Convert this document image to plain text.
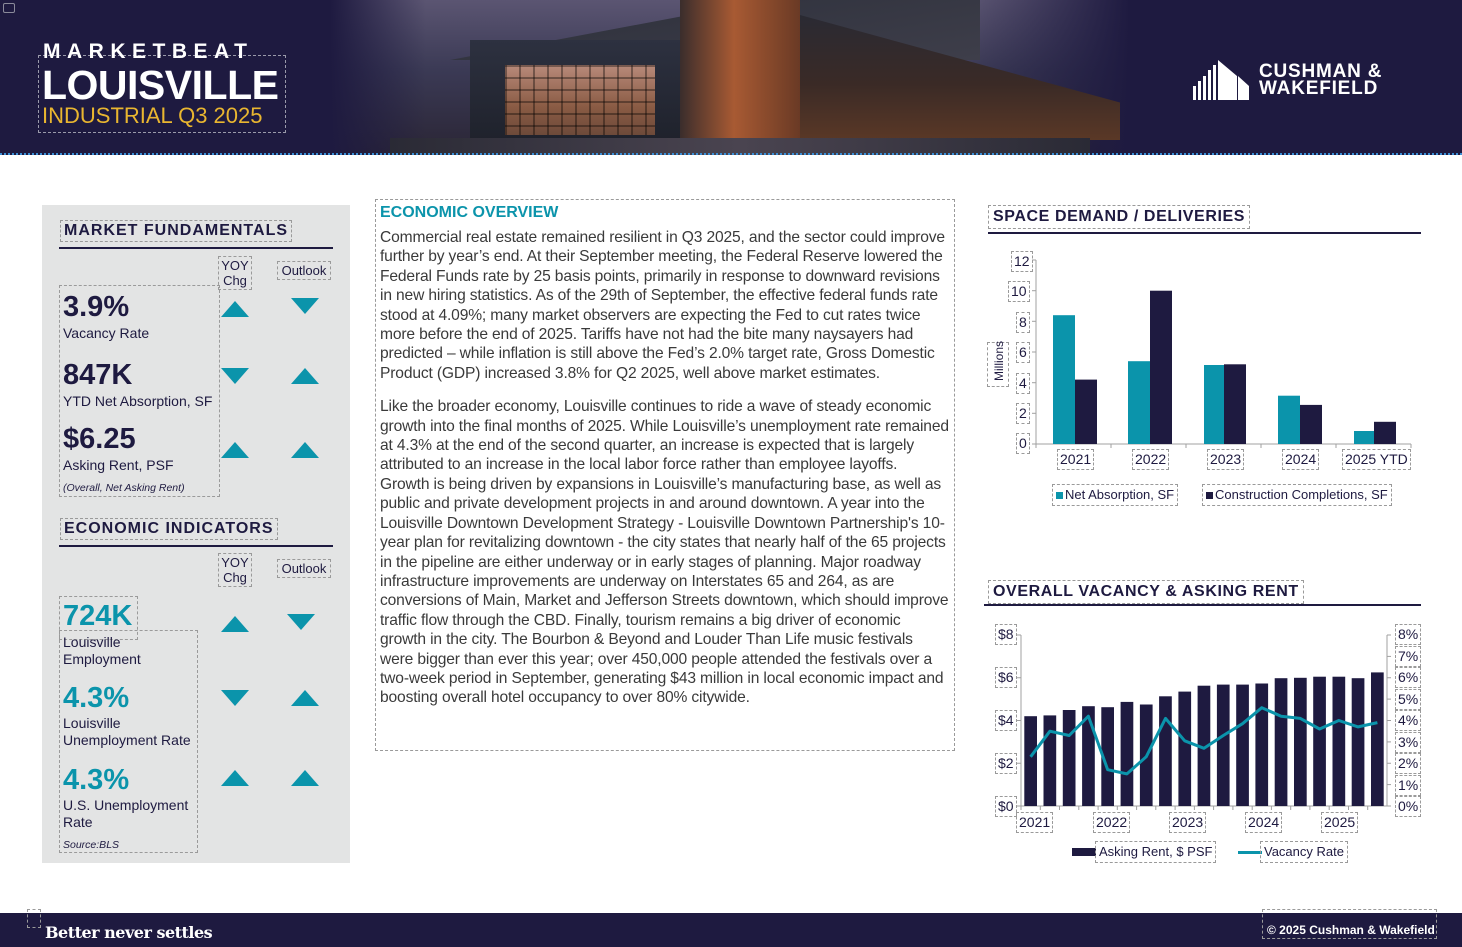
MARKETBEAT
LOUISVILLE
INDUSTRIAL Q3 2025
CUSHMAN &
WAKEFIELD
MARKET FUNDAMENTALS
YOY
Chg
Outlook
3.9%
Vacancy Rate
847K
YTD Net Absorption, SF
$6.25
Asking Rent, PSF
(Overall, Net Asking Rent)
ECONOMIC INDICATORS
YOY
Chg
Outlook
724K
Louisville
Employment
4.3%
Louisville
Unemployment Rate
4.3%
U.S. Unemployment
Rate
Source:BLS
ECONOMIC OVERVIEW

Commercial real estate remained resilient in Q3 2025, and the sector could improve further by year’s end. At their September meeting, the Federal Reserve lowered the Federal Funds rate by 25 basis points, primarily in response to downward revisions in new hiring statistics. As of the 29th of September, the effective federal funds rate stood at 4.09%; many market observers are expecting the Fed to cut rates twice more before the end of 2025. Tariffs have not had the bite many naysayers had predicted – while inflation is still above the Fed’s 2.0% target rate, Gross Domestic Product (GDP) increased 3.8% for Q2 2025, well above market estimates.

Like the broader economy, Louisville continues to ride a wave of steady economic growth into the final months of 2025. While Louisville’s unemployment rate remained at 4.3% at the end of the second quarter, an increase is expected that is largely attributed to an increase in the local labor force rather than employee layoffs. Growth is being driven by expansions in Louisville’s manufacturing base, as well as public and private development projects in and around downtown. A year into the Louisville Downtown Development Strategy - Louisville Downtown Partnership's 10-year plan for revitalizing downtown - the city states that nearly half of the 65 projects in the pipeline are either underway or in early stages of planning. Major roadway infrastructure improvements are underway on Interstates 65 and 264, as are conversions of Main, Market and Jefferson Streets downtown, which should improve traffic flow through the CBD. Finally, tourism remains a big driver of economic growth in the city. The Bourbon & Beyond and Louder Than Life music festivals were bigger than ever this year; over 450,000 people attended the festivals over a two-week period in September, generating $43 million in local economic impact and boosting overall hotel occupancy to over 80% citywide.

SPACE DEMAND / DELIVERIES
12
10
8
6
4
2
0
Millions
2021	2022	2023	2024 2025 YTD
Net Absorption, SF	Construction Completions, SF
OVERALL VACANCY & ASKING RENT
$8
$6
$4
$2
$0
8%
7%
6%
5%
4%
3%
2%
1%
0%
2021	2022	2023	2024	2025
Asking Rent, $ PSF	Vacancy Rate
Better never settles	© 2025 Cushman & Wakefield
